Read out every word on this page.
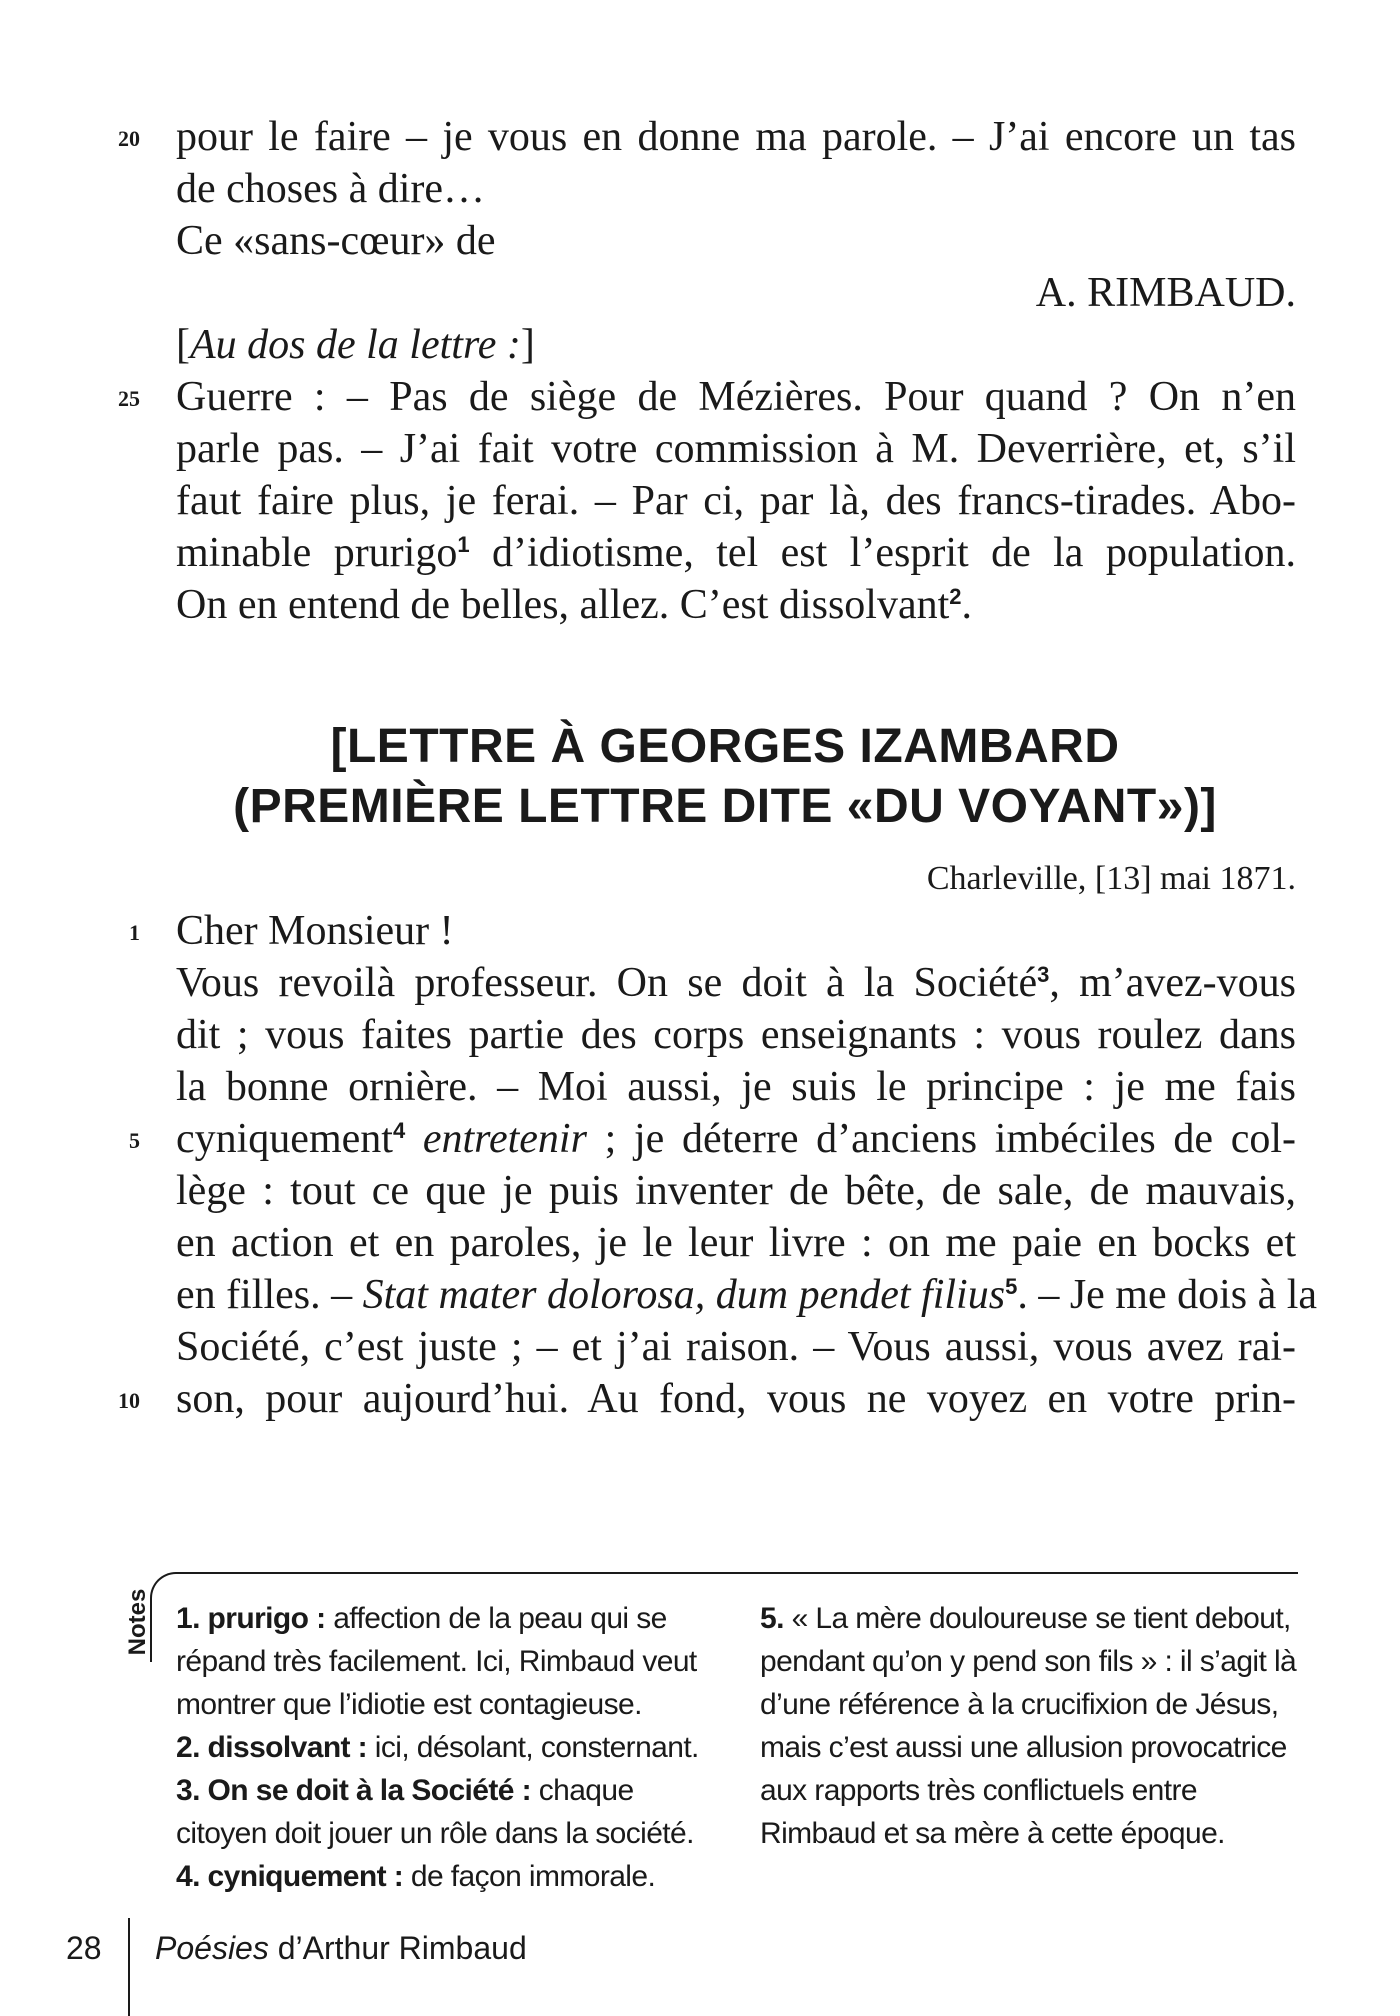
20
25
1
5
10
pour le faire – je vous en donne ma parole. – J’ai encore un tas
de choses à dire…
Ce «sans-cœur» de
A. RIMBAUD.
[Au dos de la lettre :]
Guerre : – Pas de siège de Mézières. Pour quand ? On n’en
parle pas. – J’ai fait votre commission à M. Deverrière, et, s’il
faut faire plus, je ferai. – Par ci, par là, des francs-tirades. Abo-
minable prurigo$^1$ d’idiotisme, tel est l’esprit de la population.
On en entend de belles, allez. C’est dissolvant$^2$.
[LETTRE À GEORGES IZAMBARD
(PREMIÈRE LETTRE DITE «DU VOYANT»)]
Charleville, [13] mai 1871.
Cher Monsieur !
Vous revoilà professeur. On se doit à la Société$^3$, m’avez-vous
dit ; vous faites partie des corps enseignants : vous roulez dans
la bonne ornière. – Moi aussi, je suis le principe : je me fais
cyniquement$^4$ entretenir ; je déterre d’anciens imbéciles de col-
lège : tout ce que je puis inventer de bête, de sale, de mauvais,
en action et en paroles, je le leur livre : on me paie en bocks et
en filles. – Stat mater dolorosa, dum pendet filius$^5$. – Je me dois à la
Société, c’est juste ; – et j’ai raison. – Vous aussi, vous avez rai-
son, pour aujourd’hui. Au fond, vous ne voyez en votre prin-
Notes 1. prurigo : affection de la peau qui se répand très facilement. Ici, Rimbaud veut montrer que l’idiotie est contagieuse.
2. dissolvant : ici, désolant, consternant.
3. On se doit à la Société : chaque citoyen doit jouer un rôle dans la société.
4. cyniquement : de façon immorale.
5. « La mère douloureuse se tient debout, pendant qu’on y pend son fils » : il s’agit là d’une référence à la crucifixion de Jésus, mais c’est aussi une allusion provocatrice aux rapports très conflictuels entre Rimbaud et sa mère à cette époque.
28 Poésies d’Arthur Rimbaud
